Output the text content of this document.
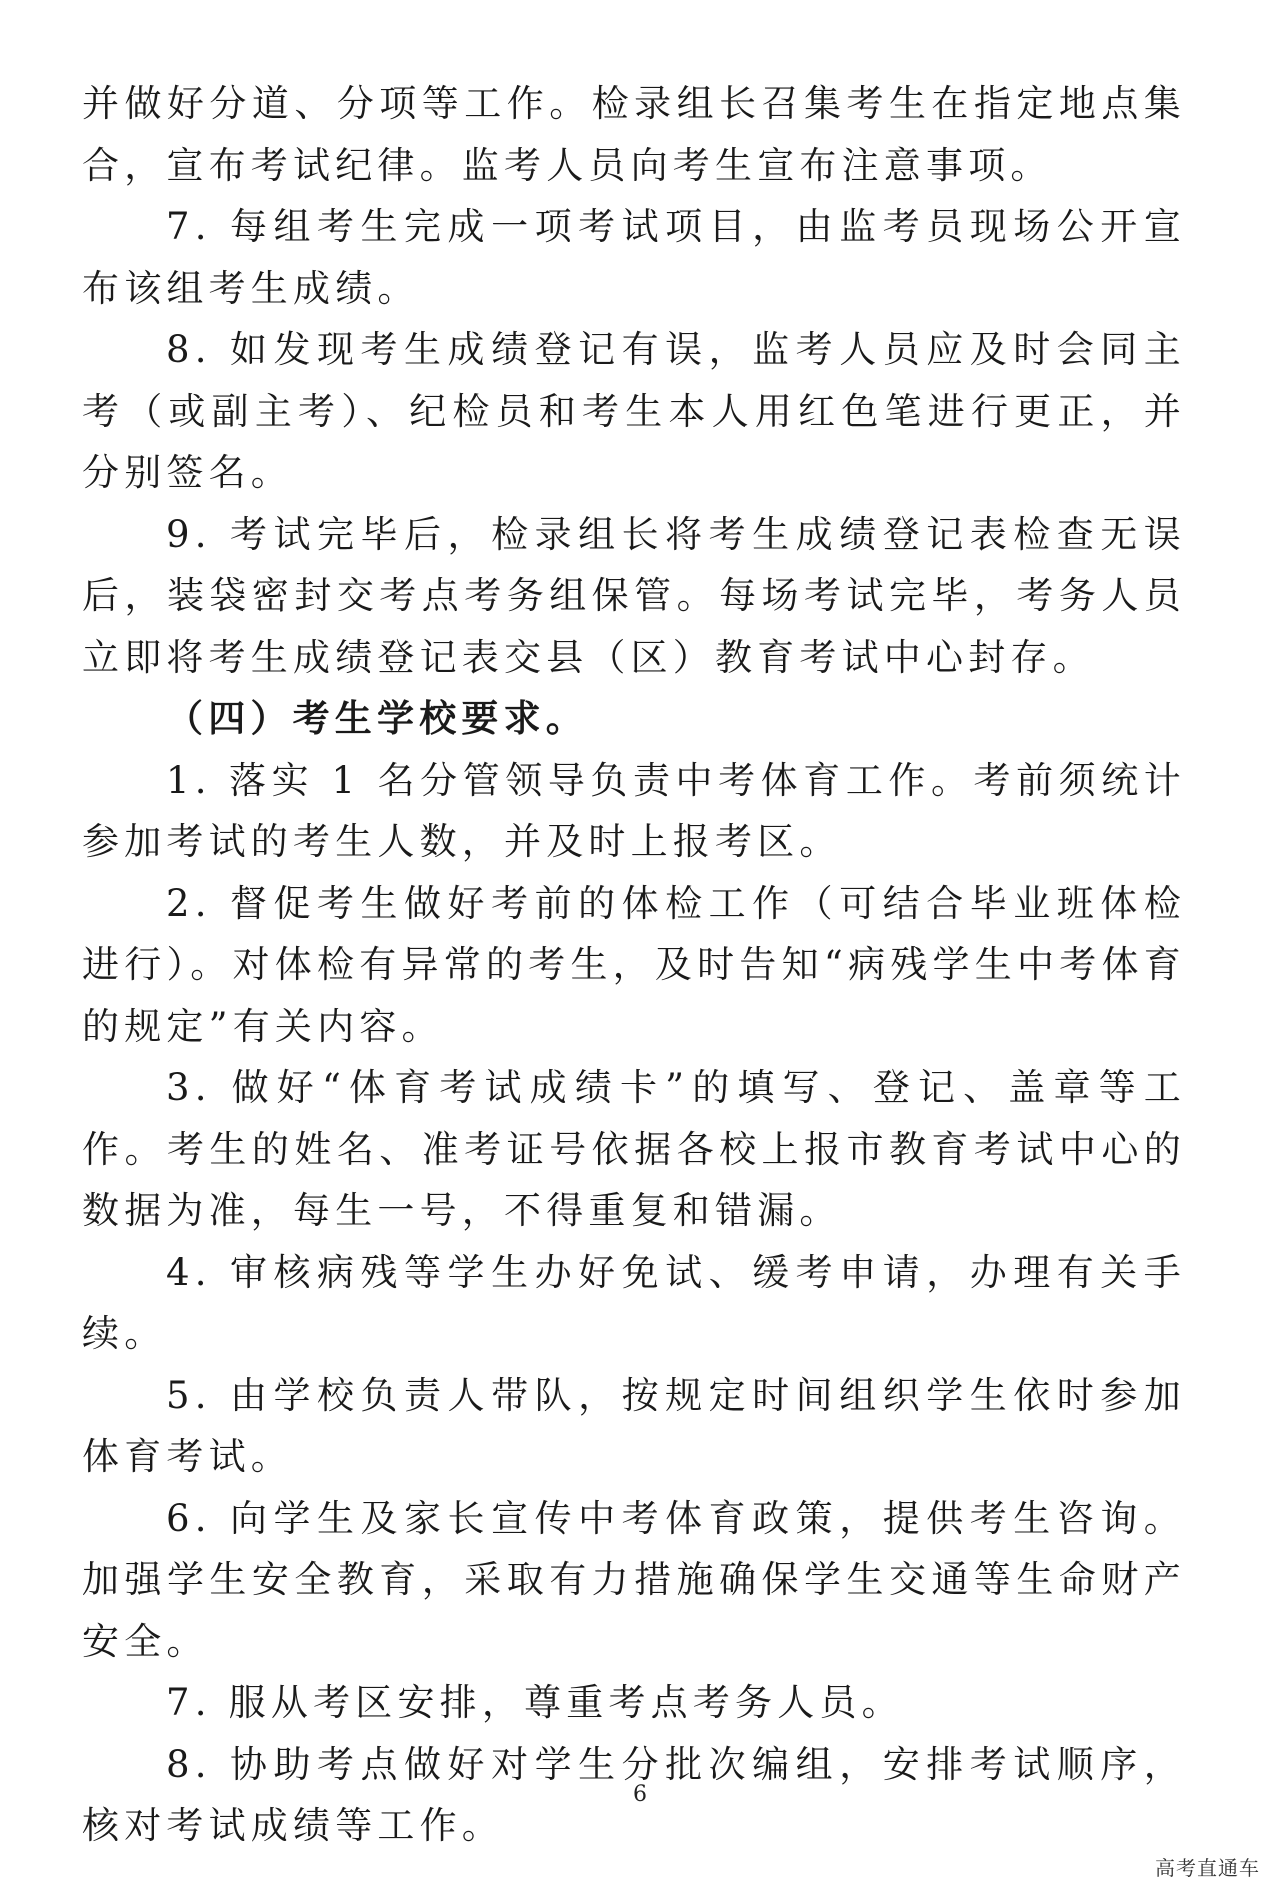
并做好分道、分项等工作。检录组长召集考生在指定地点集合，宣布考试纪律。监考人员向考生宣布注意事项。

7. 每组考生完成一项考试项目，由监考员现场公开宣布该组考生成绩。

8. 如发现考生成绩登记有误，监考人员应及时会同主考（或副主考）、纪检员和考生本人用红色笔进行更正，并分别签名。

9. 考试完毕后，检录组长将考生成绩登记表检查无误后，装袋密封交考点考务组保管。每场考试完毕，考务人员立即将考生成绩登记表交县（区）教育考试中心封存。

（四）考生学校要求。

1. 落实 1 名分管领导负责中考体育工作。考前须统计参加考试的考生人数，并及时上报考区。

2. 督促考生做好考前的体检工作（可结合毕业班体检进行）。对体检有异常的考生，及时告知“病残学生中考体育的规定”有关内容。

3. 做好“体育考试成绩卡”的填写、登记、盖章等工作。考生的姓名、准考证号依据各校上报市教育考试中心的数据为准，每生一号，不得重复和错漏。

4. 审核病残等学生办好免试、缓考申请，办理有关手续。

5. 由学校负责人带队，按规定时间组织学生依时参加体育考试。

6. 向学生及家长宣传中考体育政策，提供考生咨询。加强学生安全教育，采取有力措施确保学生交通等生命财产安全。

7. 服从考区安排，尊重考点考务人员。

8. 协助考点做好对学生分批次编组，安排考试顺序，核对考试成绩等工作。

6
高考直通车
